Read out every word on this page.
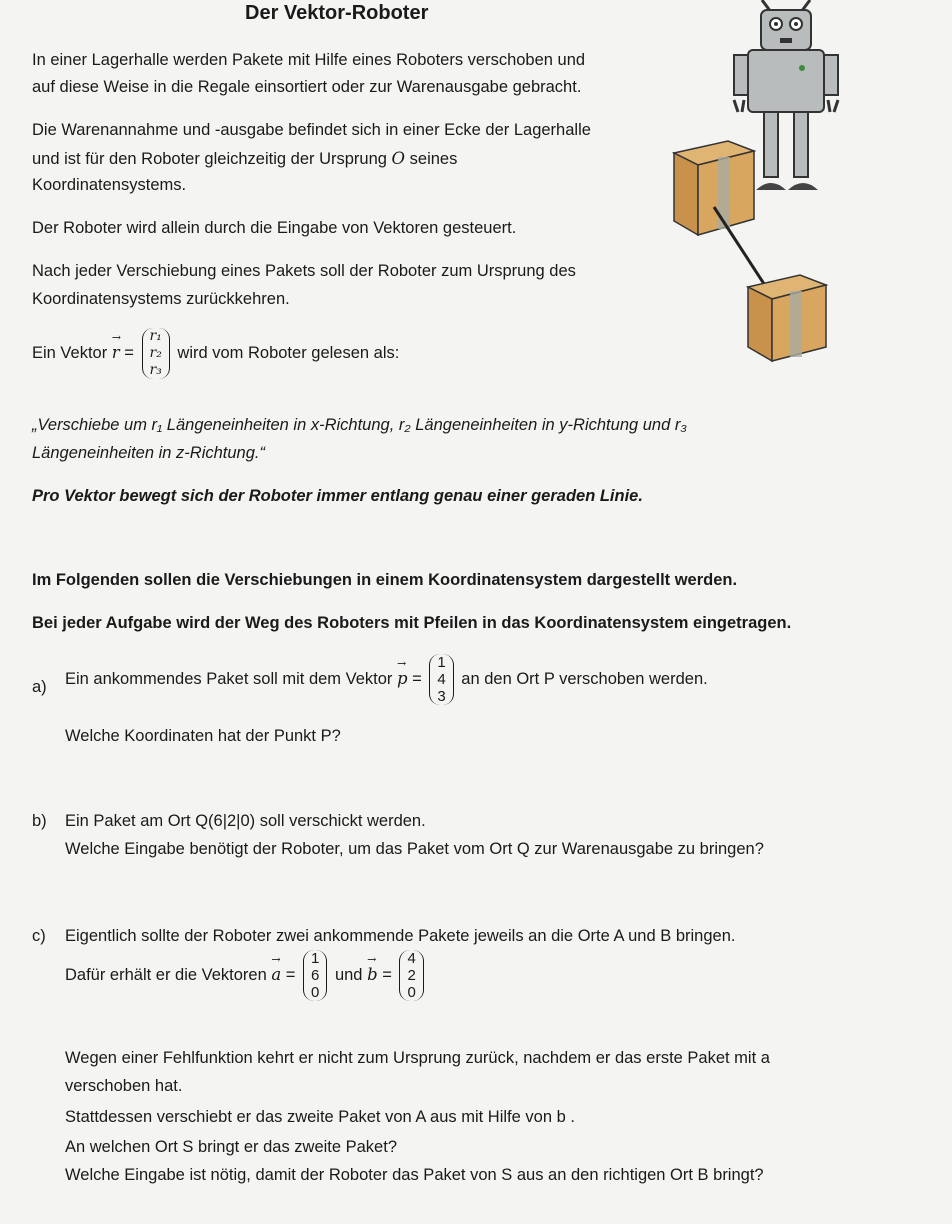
Der Vektor-Roboter
In einer Lagerhalle werden Pakete mit Hilfe eines Roboters verschoben und
auf diese Weise in die Regale einsortiert oder zur Warenausgabe gebracht.
Die Warenannahme und -ausgabe befindet sich in einer Ecke der Lagerhalle
und ist für den Roboter gleichzeitig der Ursprung O seines
Koordinatensystems.
Der Roboter wird allein durch die Eingabe von Vektoren gesteuert.
Nach jeder Verschiebung eines Pakets soll der Roboter zum Ursprung des
Koordinatensystems zurückkehren.
Ein Vektor → r =
r₁
r₂
r₃
wird vom Roboter gelesen als:
„Verschiebe um r₁ Längeneinheiten in x-Richtung, r₂ Längeneinheiten in y-Richtung und r₃
Längeneinheiten in z-Richtung.“
Pro Vektor bewegt sich der Roboter immer entlang genau einer geraden Linie.
Im Folgenden sollen die Verschiebungen in einem Koordinatensystem dargestellt werden.
Bei jeder Aufgabe wird der Weg des Roboters mit Pfeilen in das Koordinatensystem eingetragen.
a) Ein ankommendes Paket soll mit dem Vektor → p =
1
4
3
an den Ort P verschoben werden.
Welche Koordinaten hat der Punkt P?
b) Ein Paket am Ort Q(6|2|0) soll verschickt werden.
Welche Eingabe benötigt der Roboter, um das Paket vom Ort Q zur Warenausgabe zu bringen?
c) Eigentlich sollte der Roboter zwei ankommende Pakete jeweils an die Orte A und B bringen.
Dafür erhält er die Vektoren → a =
1
6
0
und → b =
4
2
0
Wegen einer Fehlfunktion kehrt er nicht zum Ursprung zurück, nachdem er das erste Paket mit a
verschoben hat.
Stattdessen verschiebt er das zweite Paket von A aus mit Hilfe von b .
An welchen Ort S bringt er das zweite Paket?
Welche Eingabe ist nötig, damit der Roboter das Paket von S aus an den richtigen Ort B bringt?
